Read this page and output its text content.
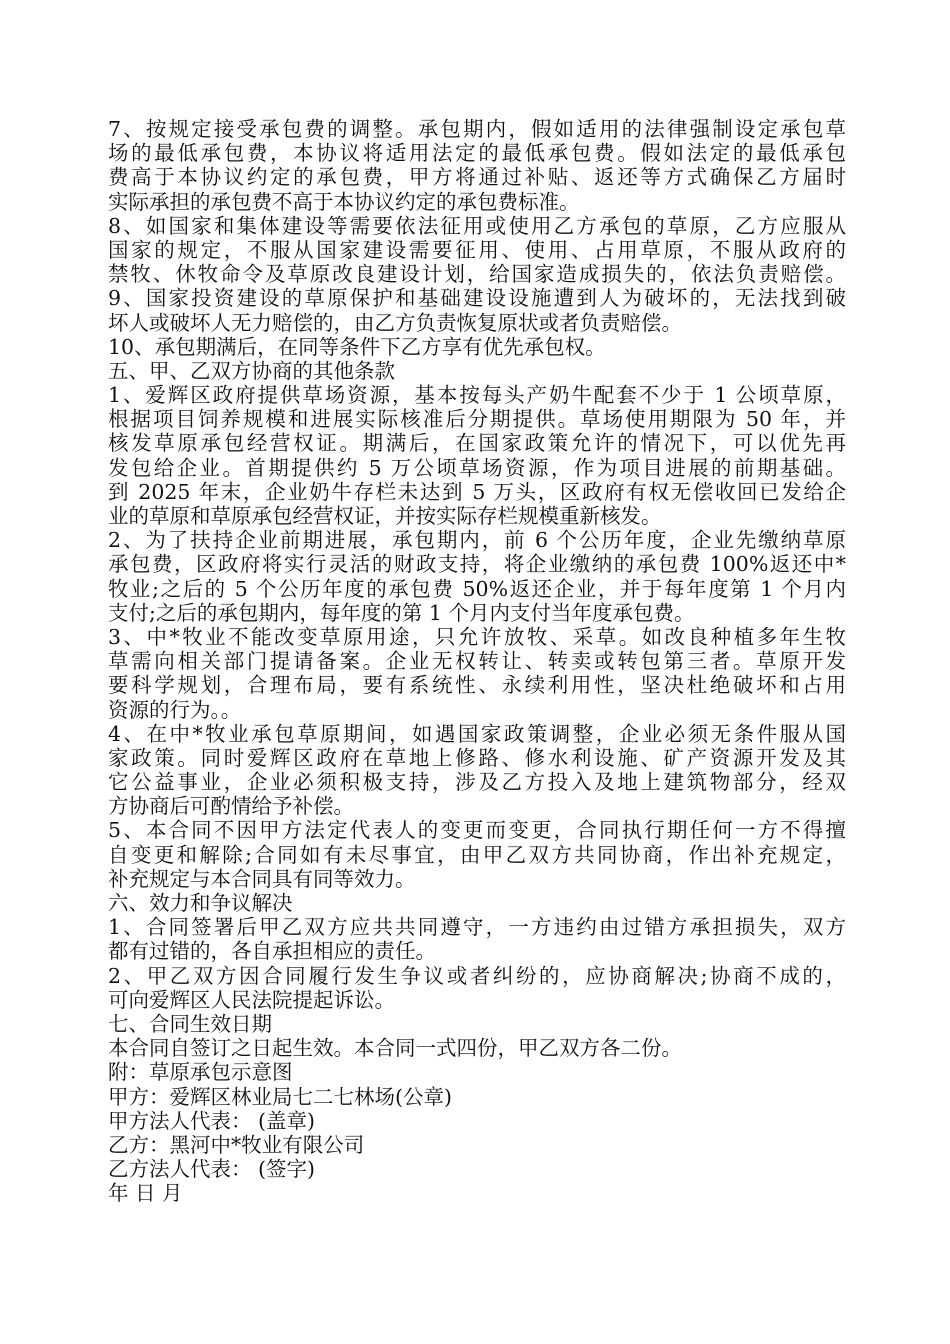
7、按规定接受承包费的调整。承包期内，假如适用的法律强制设定承包草
场的最低承包费，本协议将适用法定的最低承包费。假如法定的最低承包
费高于本协议约定的承包费，甲方将通过补贴、返还等方式确保乙方届时
实际承担的承包费不高于本协议约定的承包费标准。
8、如国家和集体建设等需要依法征用或使用乙方承包的草原，乙方应服从
国家的规定，不服从国家建设需要征用、使用、占用草原，不服从政府的
禁牧、休牧命令及草原改良建设计划，给国家造成损失的，依法负责赔偿。
9、国家投资建设的草原保护和基础建设设施遭到人为破坏的，无法找到破
坏人或破坏人无力赔偿的，由乙方负责恢复原状或者负责赔偿。
10、承包期满后，在同等条件下乙方享有优先承包权。
五、甲、乙双方协商的其他条款
1、爱辉区政府提供草场资源，基本按每头产奶牛配套不少于 1 公顷草原，
根据项目饲养规模和进展实际核准后分期提供。草场使用期限为 50 年，并
核发草原承包经营权证。期满后，在国家政策允许的情况下，可以优先再
发包给企业。首期提供约 5 万公顷草场资源，作为项目进展的前期基础。
到 2025 年末，企业奶牛存栏未达到 5 万头，区政府有权无偿收回已发给企
业的草原和草原承包经营权证，并按实际存栏规模重新核发。
2、为了扶持企业前期进展，承包期内，前 6 个公历年度，企业先缴纳草原
承包费，区政府将实行灵活的财政支持，将企业缴纳的承包费 100%返还中*
牧业;之后的 5 个公历年度的承包费 50%返还企业，并于每年度第 1 个月内
支付;之后的承包期内，每年度的第 1 个月内支付当年度承包费。
3、中*牧业不能改变草原用途，只允许放牧、采草。如改良种植多年生牧
草需向相关部门提请备案。企业无权转让、转卖或转包第三者。草原开发
要科学规划，合理布局，要有系统性、永续利用性，坚决杜绝破坏和占用
资源的行为。。
4、在中*牧业承包草原期间，如遇国家政策调整，企业必须无条件服从国
家政策。同时爱辉区政府在草地上修路、修水利设施、矿产资源开发及其
它公益事业，企业必须积极支持，涉及乙方投入及地上建筑物部分，经双
方协商后可酌情给予补偿。
5、本合同不因甲方法定代表人的变更而变更，合同执行期任何一方不得擅
自变更和解除;合同如有未尽事宜，由甲乙双方共同协商，作出补充规定，
补充规定与本合同具有同等效力。
六、效力和争议解决
1、合同签署后甲乙双方应共共同遵守，一方违约由过错方承担损失，双方
都有过错的，各自承担相应的责任。
2、甲乙双方因合同履行发生争议或者纠纷的，应协商解决;协商不成的，
可向爱辉区人民法院提起诉讼。
七、合同生效日期
本合同自签订之日起生效。本合同一式四份，甲乙双方各二份。
附：草原承包示意图
甲方：爱辉区林业局七二七林场(公章)
甲方法人代表： (盖章)
乙方：黑河中*牧业有限公司
乙方法人代表： (签字)
年 日 月
